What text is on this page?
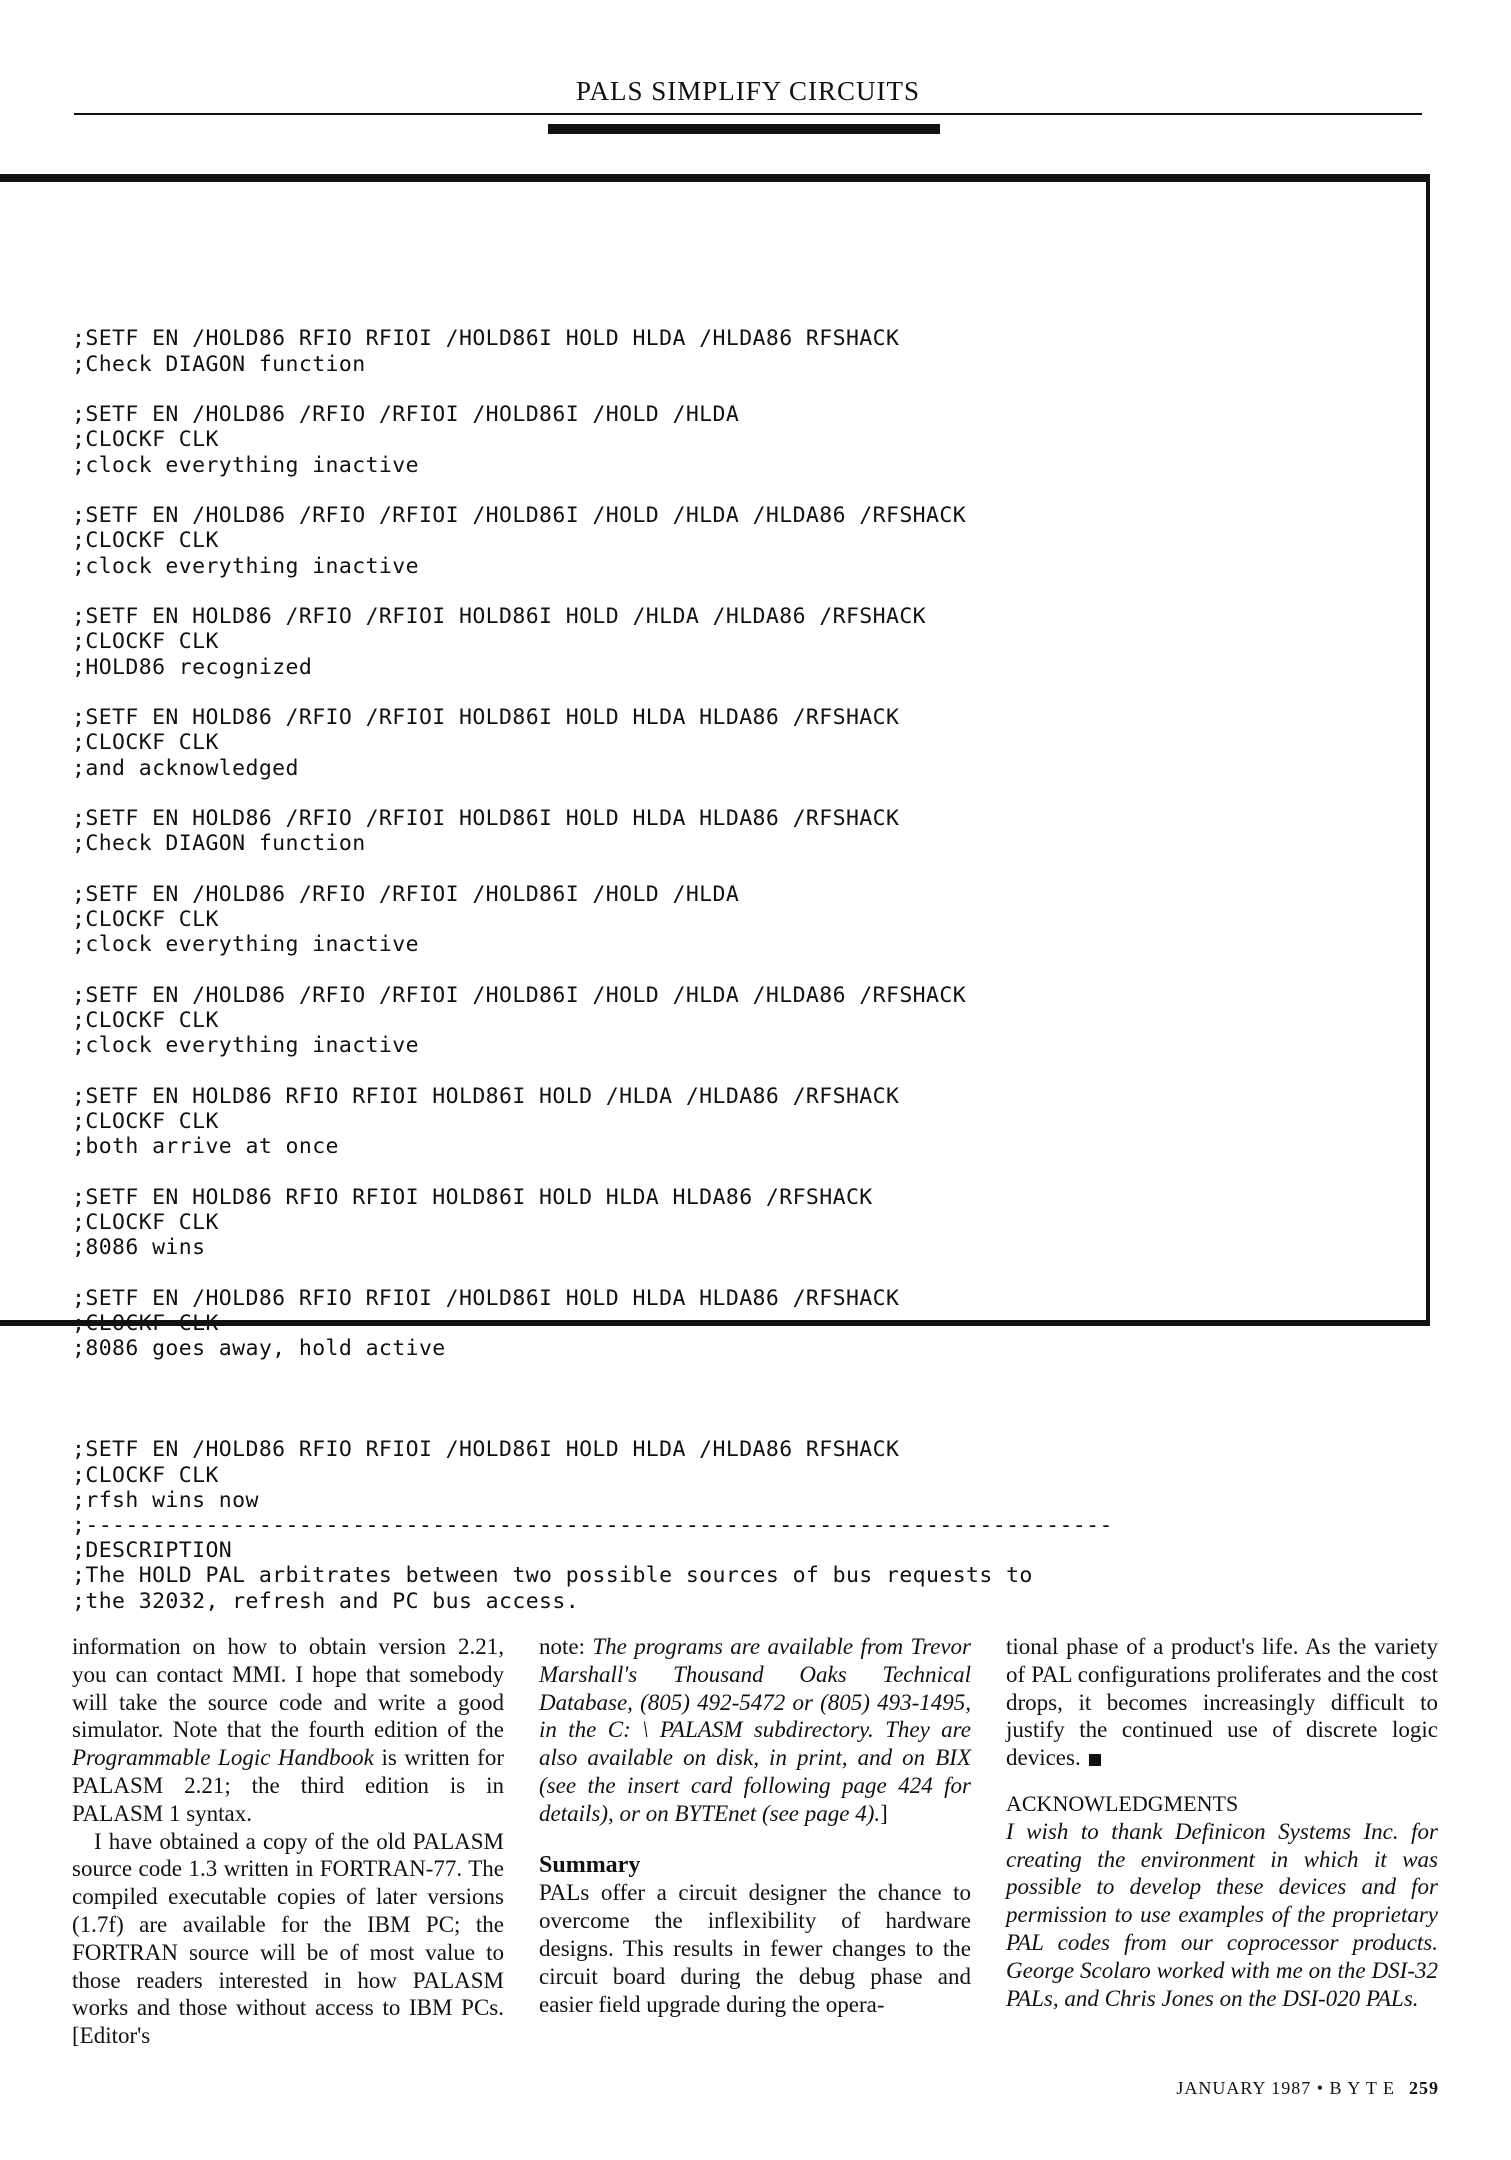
PALS SIMPLIFY CIRCUITS

;SETF EN /HOLD86 RFIO RFIOI /HOLD86I HOLD HLDA /HLDA86 RFSHACK
;Check DIAGON function
;SETF EN /HOLD86 /RFIO /RFIOI /HOLD86I /HOLD /HLDA
;CLOCKF CLK
;clock everything inactive
;SETF EN /HOLD86 /RFIO /RFIOI /HOLD86I /HOLD /HLDA /HLDA86 /RFSHACK
;CLOCKF CLK
;clock everything inactive
;SETF EN HOLD86 /RFIO /RFIOI HOLD86I HOLD /HLDA /HLDA86 /RFSHACK
;CLOCKF CLK
;HOLD86 recognized
;SETF EN HOLD86 /RFIO /RFIOI HOLD86I HOLD HLDA HLDA86 /RFSHACK
;CLOCKF CLK
;and acknowledged
;SETF EN HOLD86 /RFIO /RFIOI HOLD86I HOLD HLDA HLDA86 /RFSHACK
;Check DIAGON function
;SETF EN /HOLD86 /RFIO /RFIOI /HOLD86I /HOLD /HLDA
;CLOCKF CLK
;clock everything inactive
;SETF EN /HOLD86 /RFIO /RFIOI /HOLD86I /HOLD /HLDA /HLDA86 /RFSHACK
;CLOCKF CLK
;clock everything inactive
;SETF EN HOLD86 RFIO RFIOI HOLD86I HOLD /HLDA /HLDA86 /RFSHACK
;CLOCKF CLK
;both arrive at once
;SETF EN HOLD86 RFIO RFIOI HOLD86I HOLD HLDA HLDA86 /RFSHACK
;CLOCKF CLK
;8086 wins
;SETF EN /HOLD86 RFIO RFIOI /HOLD86I HOLD HLDA HLDA86 /RFSHACK
;CLOCKF CLK
;8086 goes away, hold active

;SETF EN /HOLD86 RFIO RFIOI /HOLD86I HOLD HLDA /HLDA86 RFSHACK
;CLOCKF CLK
;rfsh wins now
;-----------------------------------------------------------------------------
;DESCRIPTION
;The HOLD PAL arbitrates between two possible sources of bus requests to
;the 32032, refresh and PC bus access.

information on how to obtain version 2.21, you can contact MMI. I hope that somebody will take the source code and write a good simulator. Note that the fourth edition of the Programmable Logic Handbook is written for PALASM 2.21; the third edition is in PALASM 1 syntax.

I have obtained a copy of the old PALASM source code 1.3 written in FORTRAN-77. The compiled executable copies of later versions (1.7f) are available for the IBM PC; the FORTRAN source will be of most value to those readers interested in how PALASM works and those without access to IBM PCs. [Editor's

note: The programs are available from Trevor Marshall's Thousand Oaks Technical Database, (805) 492-5472 or (805) 493-1495, in the C: \ PALASM subdirectory. They are also available on disk, in print, and on BIX (see the insert card following page 424 for details), or on BYTEnet (see page 4).]

Summary

PALs offer a circuit designer the chance to overcome the inflexibility of hardware designs. This results in fewer changes to the circuit board during the debug phase and easier field upgrade during the opera-

tional phase of a product's life. As the variety of PAL configurations proliferates and the cost drops, it becomes increasingly difficult to justify the continued use of discrete logic devices.

ACKNOWLEDGMENTS

I wish to thank Definicon Systems Inc. for creating the environment in which it was possible to develop these devices and for permission to use examples of the proprietary PAL codes from our coprocessor products. George Scolaro worked with me on the DSI-32 PALs, and Chris Jones on the DSI-020 PALs.

JANUARY 1987 • B Y T E 259
